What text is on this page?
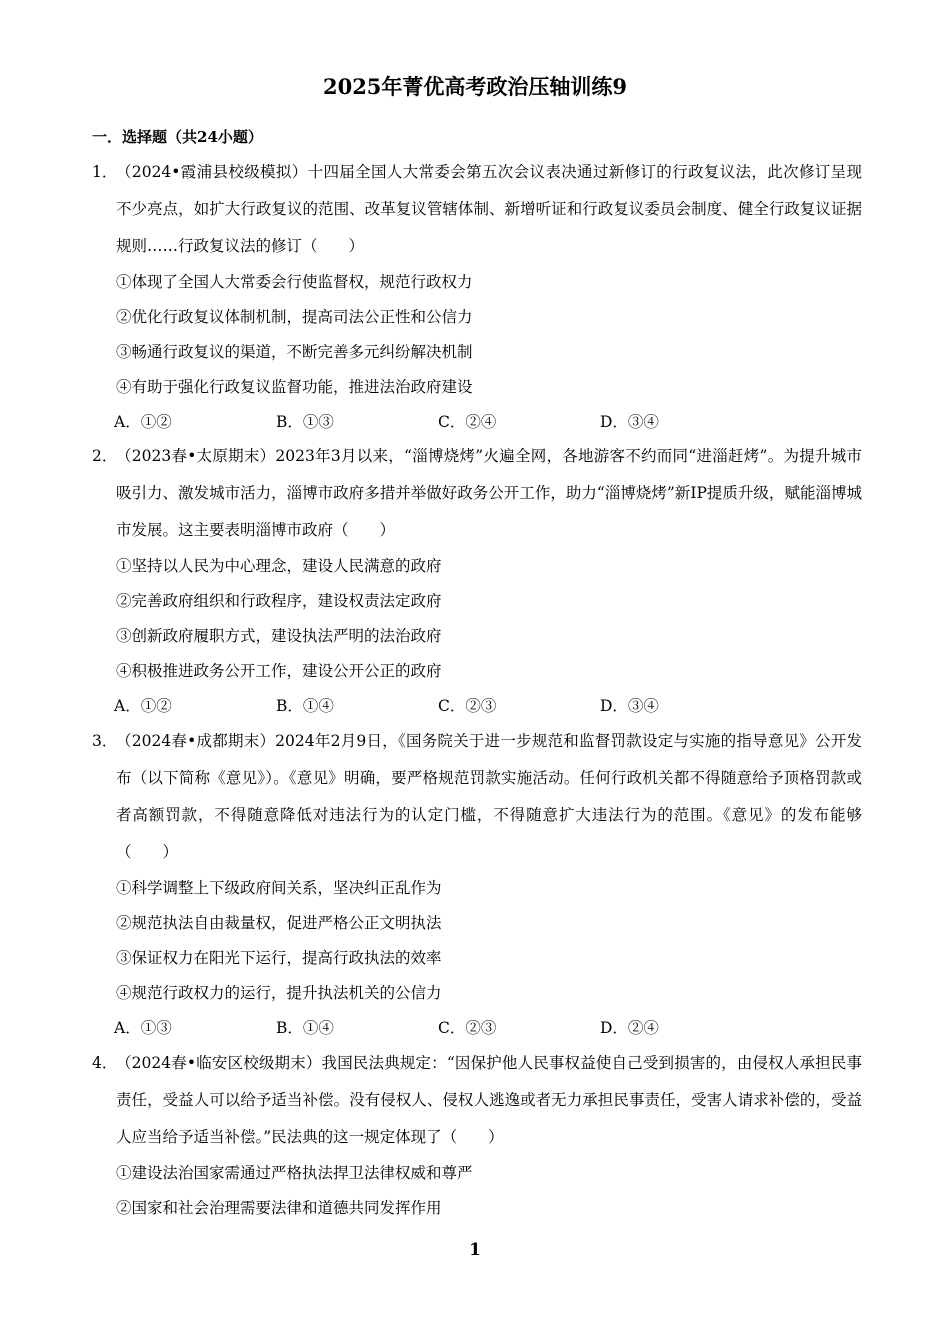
2025年菁优高考政治压轴训练9
一．选择题（共24小题）
1．
（2024•霞浦县校级模拟）十四届全国人大常委会第五次会议表决通过新修订的行政复议法，此次修订呈现不少亮点，如扩大行政复议的范围、改革复议管辖体制、新增听证和行政复议委员会制度、健全行政复议证据规则……行政复议法的修订（　　）
①体现了全国人大常委会行使监督权，规范行政权力
②优化行政复议体制机制，提高司法公正性和公信力
③畅通行政复议的渠道，不断完善多元纠纷解决机制
④有助于强化行政复议监督功能，推进法治政府建设
A．①②	B．①③	C．②④	D．③④
2．
（2023春•太原期末）2023年3月以来，“淄博烧烤”火遍全网，各地游客不约而同“进淄赶烤”。为提升城市吸引力、激发城市活力，淄博市政府多措并举做好政务公开工作，助力“淄博烧烤”新IP提质升级，赋能淄博城市发展。这主要表明淄博市政府（　　）
①坚持以人民为中心理念，建设人民满意的政府
②完善政府组织和行政程序，建设权责法定政府
③创新政府履职方式，建设执法严明的法治政府
④积极推进政务公开工作，建设公开公正的政府
A．①②	B．①④	C．②③	D．③④
3．
（2024春•成都期末）2024年2月9日，《国务院关于进一步规范和监督罚款设定与实施的指导意见》公开发布（以下简称《意见》）。《意见》明确，要严格规范罚款实施活动。任何行政机关都不得随意给予顶格罚款或者高额罚款，不得随意降低对违法行为的认定门槛，不得随意扩大违法行为的范围。《意见》的发布能够（　　）
①科学调整上下级政府间关系，坚决纠正乱作为
②规范执法自由裁量权，促进严格公正文明执法
③保证权力在阳光下运行，提高行政执法的效率
④规范行政权力的运行，提升执法机关的公信力
A．①③	B．①④	C．②③	D．②④
4．
（2024春•临安区校级期末）我国民法典规定：“因保护他人民事权益使自己受到损害的，由侵权人承担民事责任，受益人可以给予适当补偿。没有侵权人、侵权人逃逸或者无力承担民事责任，受害人请求补偿的，受益人应当给予适当补偿。”民法典的这一规定体现了（　　）
①建设法治国家需通过严格执法捍卫法律权威和尊严
②国家和社会治理需要法律和道德共同发挥作用
1
